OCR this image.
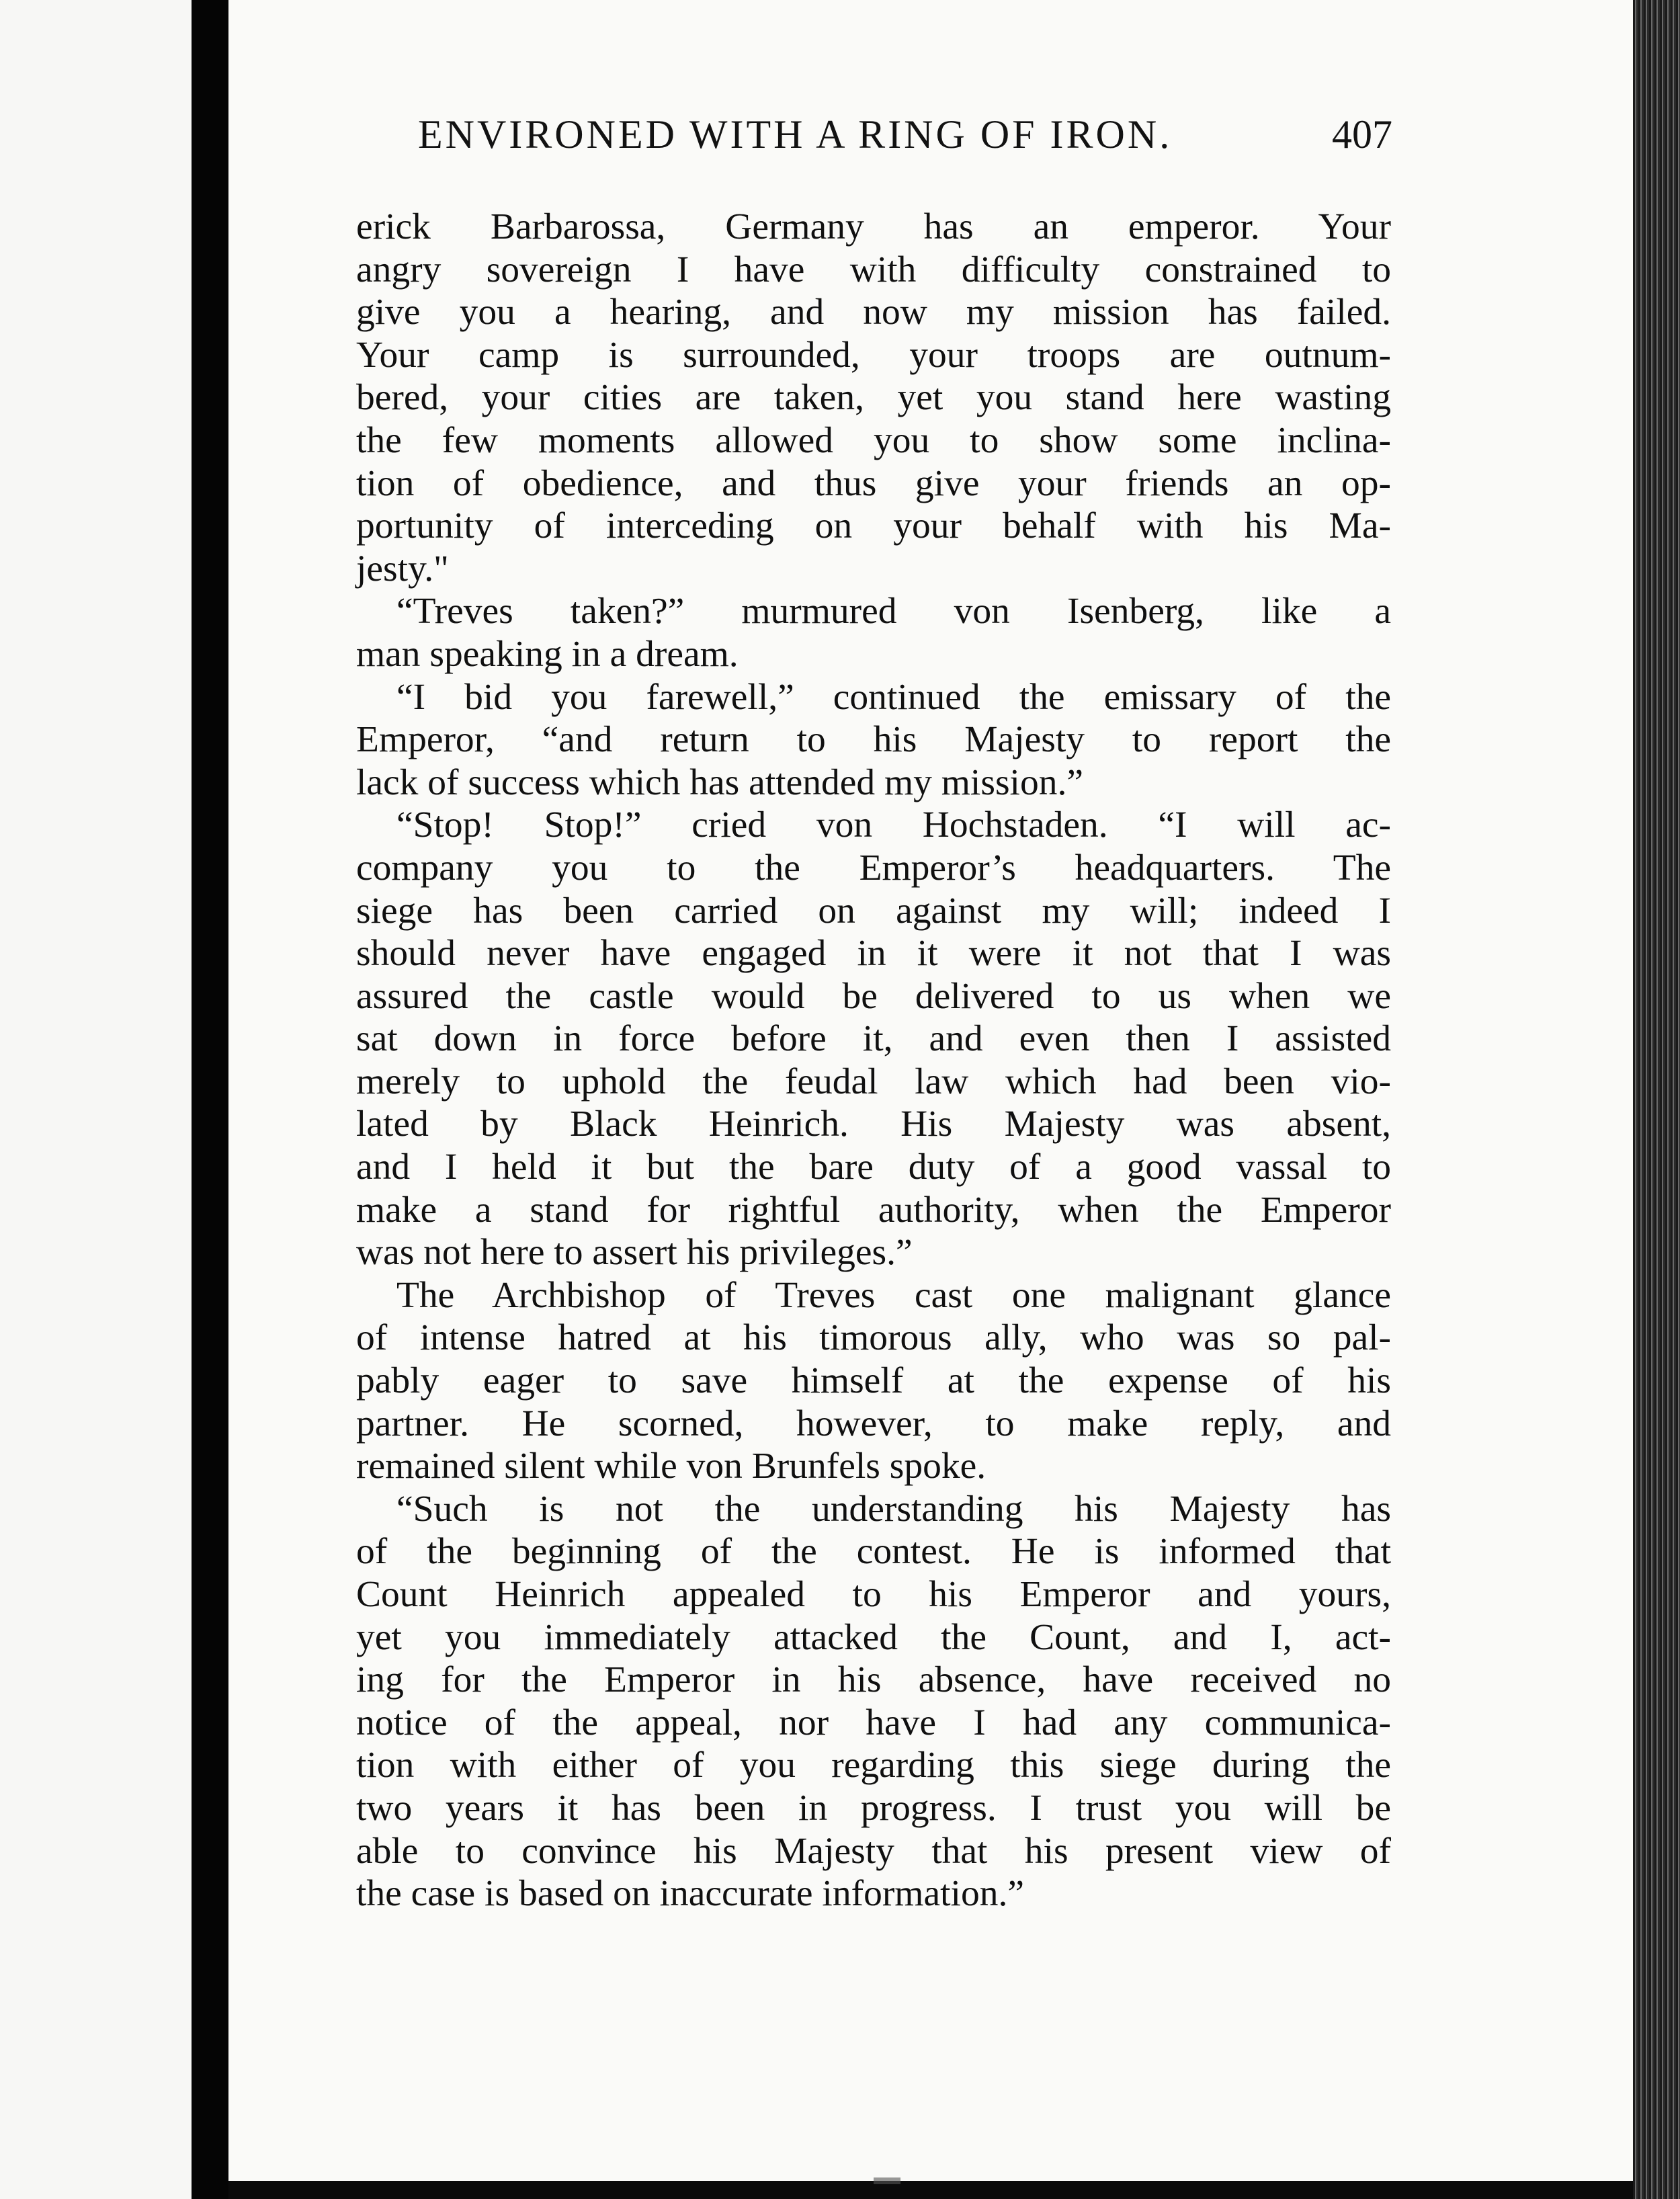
ENVIRONED WITH A RING OF IRON.	407
erick Barbarossa, Germany has an emperor. Your
angry sovereign I have with difficulty constrained to
give you a hearing, and now my mission has failed.
Your camp is surrounded, your troops are outnum-
bered, your cities are taken, yet you stand here wasting
the few moments allowed you to show some inclina-
tion of obedience, and thus give your friends an op-
portunity of interceding on your behalf with his Ma-
jesty."
“Treves taken?” murmured von Isenberg, like a
man speaking in a dream.
“I bid you farewell,” continued the emissary of the
Emperor, “and return to his Majesty to report the
lack of success which has attended my mission.”
“Stop! Stop!” cried von Hochstaden. “I will ac-
company you to the Emperor’s headquarters. The
siege has been carried on against my will; indeed I
should never have engaged in it were it not that I was
assured the castle would be delivered to us when we
sat down in force before it, and even then I assisted
merely to uphold the feudal law which had been vio-
lated by Black Heinrich. His Majesty was absent,
and I held it but the bare duty of a good vassal to
make a stand for rightful authority, when the Emperor
was not here to assert his privileges.”
The Archbishop of Treves cast one malignant glance
of intense hatred at his timorous ally, who was so pal-
pably eager to save himself at the expense of his
partner. He scorned, however, to make reply, and
remained silent while von Brunfels spoke.
“Such is not the understanding his Majesty has
of the beginning of the contest. He is informed that
Count Heinrich appealed to his Emperor and yours,
yet you immediately attacked the Count, and I, act-
ing for the Emperor in his absence, have received no
notice of the appeal, nor have I had any communica-
tion with either of you regarding this siege during the
two years it has been in progress. I trust you will be
able to convince his Majesty that his present view of
the case is based on inaccurate information.”
